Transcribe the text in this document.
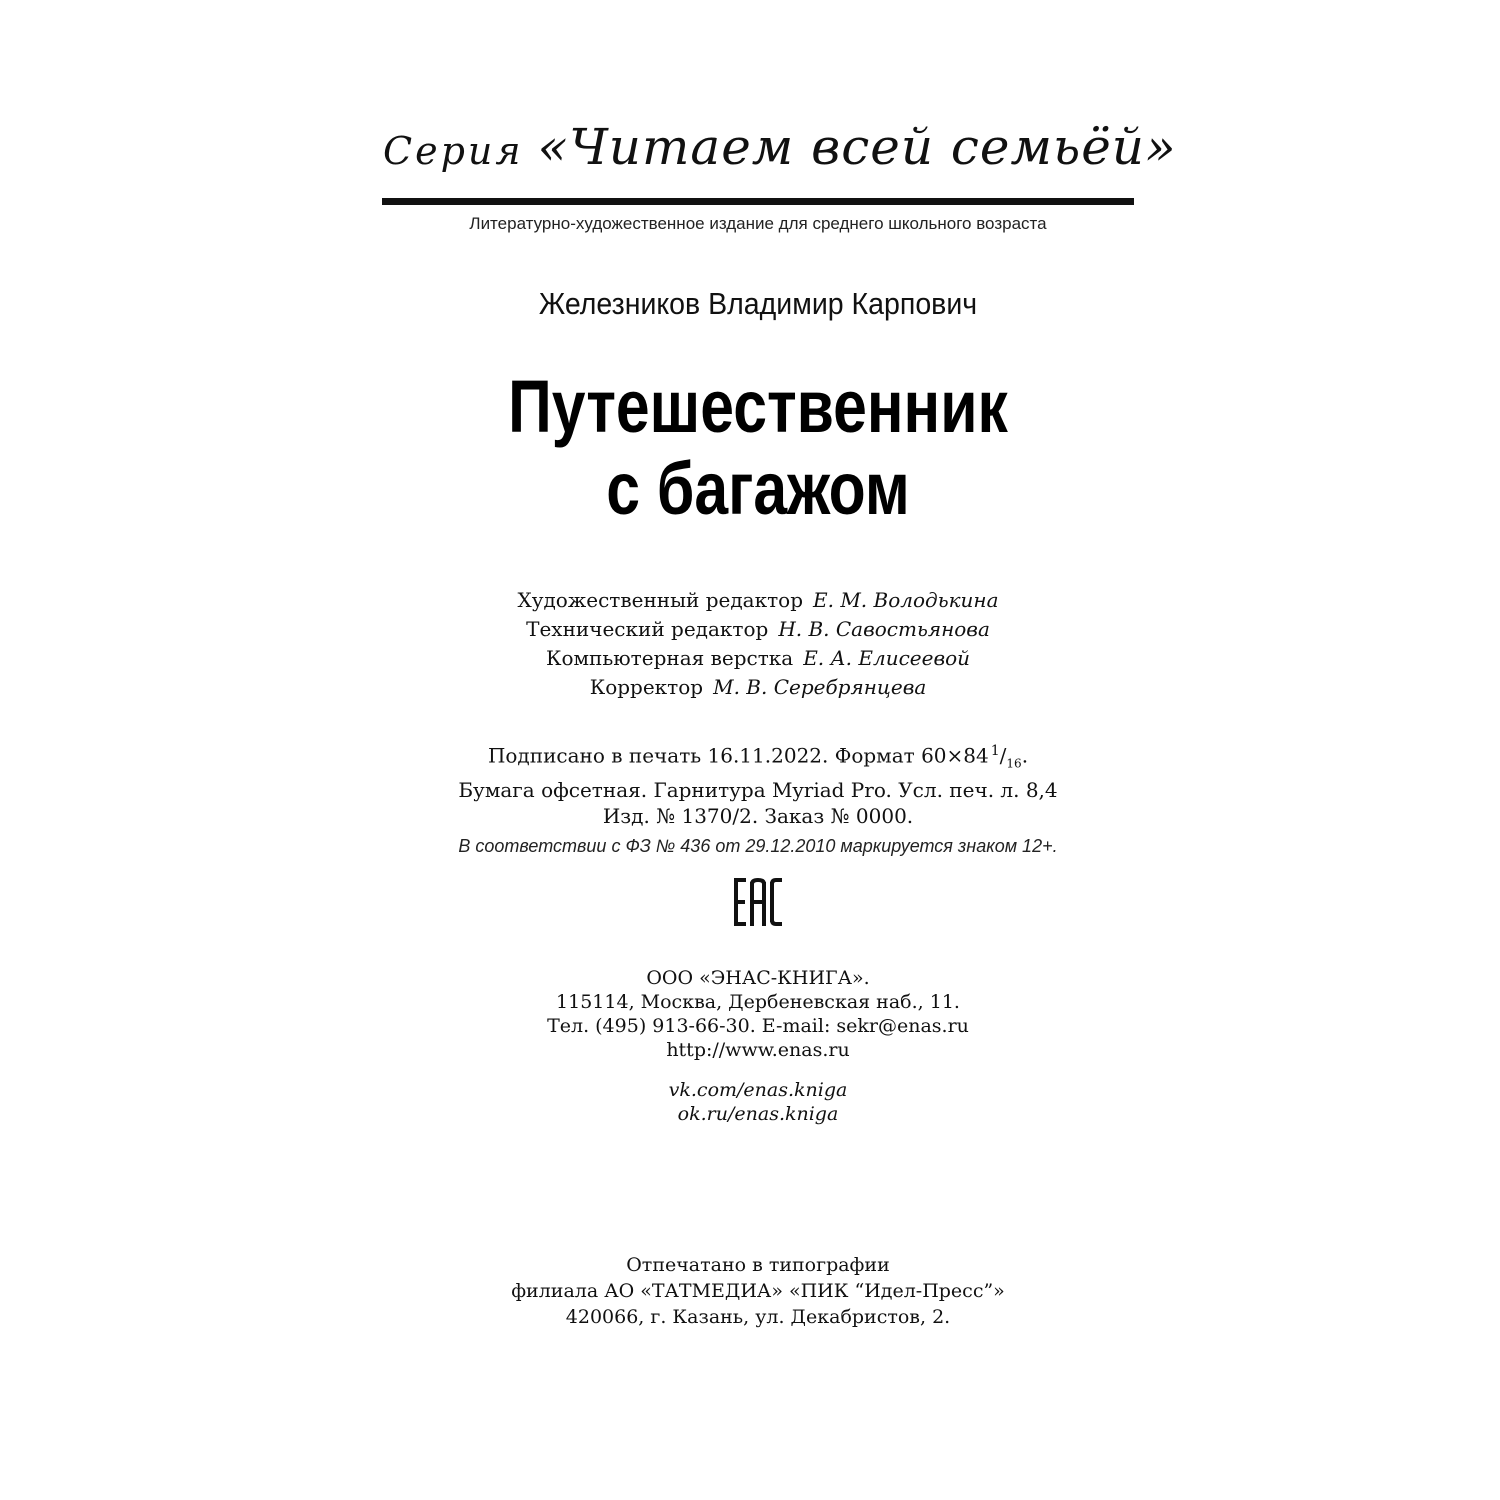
Серия «Читаем всей семьёй»
Литературно-художественное издание для среднего школьного возраста
Железников Владимир Карпович
Путешественник
с багажом
Художественный редактор Е. М. Володькина
Технический редактор Н. В. Савостьянова
Компьютерная верстка Е. А. Елисеевой
Корректор М. В. Серебрянцева
Подписано в печать 16.11.2022. Формат 60×84 $^1/_{16}$.
Бумага офсетная. Гарнитура Myriad Pro. Усл. печ. л. 8,4
Изд. № 1370/2. Заказ № 0000.
В соответствии с ФЗ № 436 от 29.12.2010 маркируется знаком 12+.
ООО «ЭНАС-КНИГА».
115114, Москва, Дербеневская наб., 11.
Тел. (495) 913-66-30. E-mail: sekr@enas.ru
http://www.enas.ru
vk.com/enas.kniga
ok.ru/enas.kniga
Отпечатано в типографии
филиала АО «ТАТМЕДИА» «ПИК “Идел-Пресс”»
420066, г. Казань, ул. Декабристов, 2.
